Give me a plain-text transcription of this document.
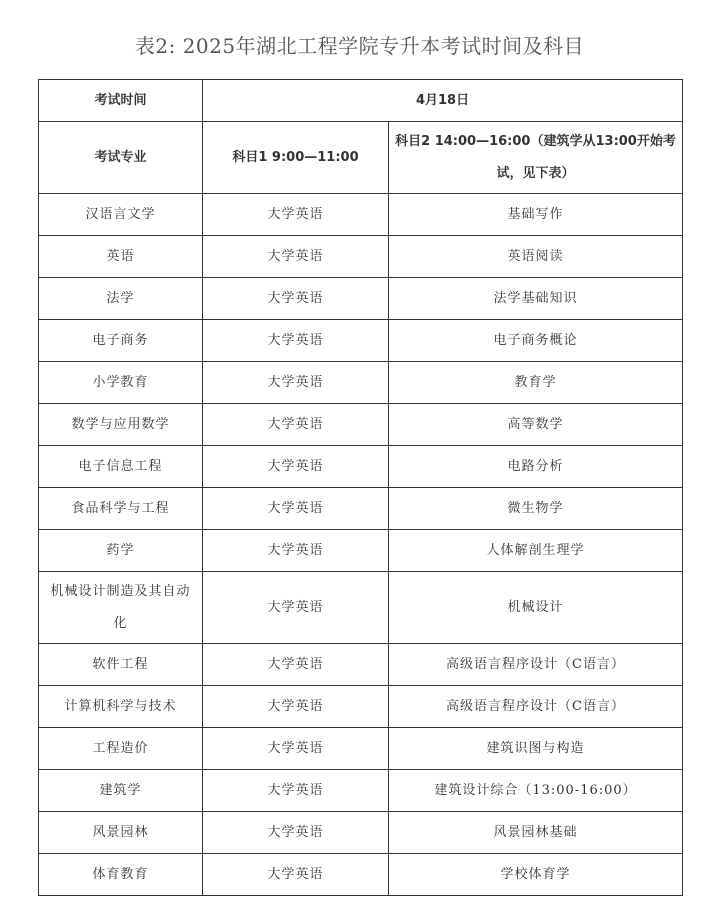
表2: 2025年湖北工程学院专升本考试时间及科目
考试时间	4月18日	
考试专业	科目1 9:00—11:00	科目2 14:00—16:00（建筑学从13:00开始考试，见下表）
汉语言文学	大学英语	基础写作
英语	大学英语	英语阅读
法学	大学英语	法学基础知识
电子商务	大学英语	电子商务概论
小学教育	大学英语	教育学
数学与应用数学	大学英语	高等数学
电子信息工程	大学英语	电路分析
食品科学与工程	大学英语	微生物学
药学	大学英语	人体解剖生理学
机械设计制造及其自动化	大学英语	机械设计
软件工程	大学英语	高级语言程序设计（C语言）
计算机科学与技术	大学英语	高级语言程序设计（C语言）
工程造价	大学英语	建筑识图与构造
建筑学	大学英语	建筑设计综合（13:00-16:00）
风景园林	大学英语	风景园林基础
体育教育	大学英语	学校体育学
